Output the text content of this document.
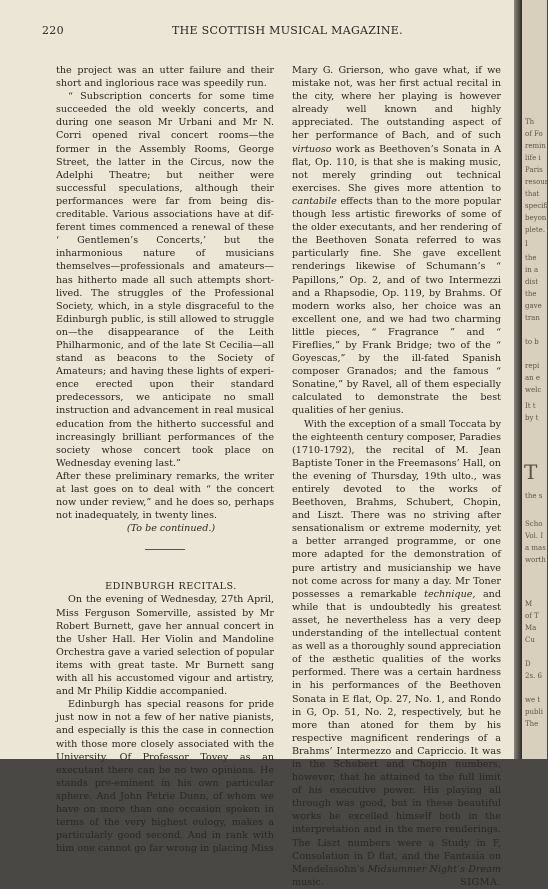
220	THE SCOTTISH MUSICAL MAGAZINE.

the project was an utter failure and their short and inglorious race was speedily run.

“ Subscription concerts for some time succeeded the old weekly concerts, and during one season Mr Urbani and Mr N. Corri opened rival concert rooms—the former in the Assembly Rooms, George Street, the latter in the Circus, now the Adelphi Theatre; but neither were successful speculations, although their performances were far from being discreditable. Various associations have at different times commenced a renewal of these ‘ Gentlemen’s Concerts,’ but the inharmonious nature of musicians themselves—professionals and amateurs—has hitherto made all such attempts short-lived. The struggles of the Professional Society, which, in a style disgraceful to the Edinburgh public, is still allowed to struggle on—the disappearance of the Leith Philharmonic, and of the late St Cecilia—all stand as beacons to the Society of Amateurs; and having these lights of experience erected upon their standard predecessors, we anticipate no small instruction and advancement in real musical education from the hitherto successful and increasingly brilliant performances of the society whose concert took place on Wednesday evening last.”

After these preliminary remarks, the writer at last goes on to deal with “ the concert now under review,” and he does so, perhaps not inadequately, in twenty lines.

(To be continued.)

EDINBURGH RECITALS.

On the evening of Wednesday, 27th April, Miss Ferguson Somerville, assisted by Mr Robert Burnett, gave her annual concert in the Usher Hall. Her Violin and Mandoline Orchestra gave a varied selection of popular items with great taste. Mr Burnett sang with all his accustomed vigour and artistry, and Mr Philip Kiddie accompanied.

Edinburgh has special reasons for pride just now in not a few of her native pianists, and especially is this the case in connection with those more closely associated with the University. Of Professor Tovey as an executant there can be no two opinions. He stands pre-eminent in his own particular sphere. And John Petrie Dunn, of whom we have on more than one occasion spoken in terms of the very highest eulogy, makes a particularly good second. And in rank with him one cannot go far wrong in placing Miss

Mary G. Grierson, who gave what, if we mistake not, was her first actual recital in the city, where her playing is however already well known and highly appreciated. The outstanding aspect of her performance of Bach, and of such virtuoso work as Beethoven’s Sonata in A flat, Op. 110, is that she is making music, not merely grinding out technical exercises. She gives more attention to cantabile effects than to the more popular though less artistic fireworks of some of the older executants, and her rendering of the Beethoven Sonata referred to was particularly fine. She gave excellent renderings likewise of Schumann’s “ Papillons,” Op. 2, and of two Intermezzi and a Rhapsodie, Op. 119, by Brahms. Of modern works also, her choice was an excellent one, and we had two charming little pieces, “ Fragrance ” and “ Fireflies,” by Frank Bridge; two of the “ Goyescas,” by the ill-fated Spanish composer Granados; and the famous “ Sonatine,” by Ravel, all of them especially calculated to demonstrate the best qualities of her genius.

With the exception of a small Toccata by the eighteenth century composer, Paradies (1710-1792), the recital of M. Jean Baptiste Toner in the Freemasons’ Hall, on the evening of Thursday, 19th ulto., was entirely devoted to the works of Beethoven, Brahms, Schubert, Chopin, and Liszt. There was no striving after sensationalism or extreme modernity, yet a better arranged programme, or one more adapted for the demonstration of pure artistry and musicianship we have not come across for many a day. Mr Toner possesses a remarkable technique, and while that is undoubtedly his greatest asset, he nevertheless has a very deep understanding of the intellectual content as well as a thoroughly sound appreciation of the æsthetic qualities of the works performed. There was a certain hardness in his performances of the Beethoven Sonata in E flat, Op. 27, No. 1, and Rondo in G, Op. 51, No. 2, respectively, but he more than atoned for them by his respective magnificent renderings of a Brahms’ Intermezzo and Capriccio. It was in the Schubert and Chopin numbers, however, that he attained to the full limit of his executive power. His playing all through was good, but in these beautiful works he excelled himself both in the interpretation and in the mere renderings. The Liszt numbers were a Study in F, Consolation in D flat, and the Fantasia on Mendelssohn’s Midsummer Night’s Dream music.	SIGMA.

Th
of Fo
remin
life i
Paris
resour
that
specifi
beyon
plete.
I
the
in a
dist
the
gave
tran
to b
repi
an e
welc
It t
by t
T
the s
Scho
Vol. I
a mas
worth
M
of T
Ma
Cu
D
2s. 6
we t
publi
The
